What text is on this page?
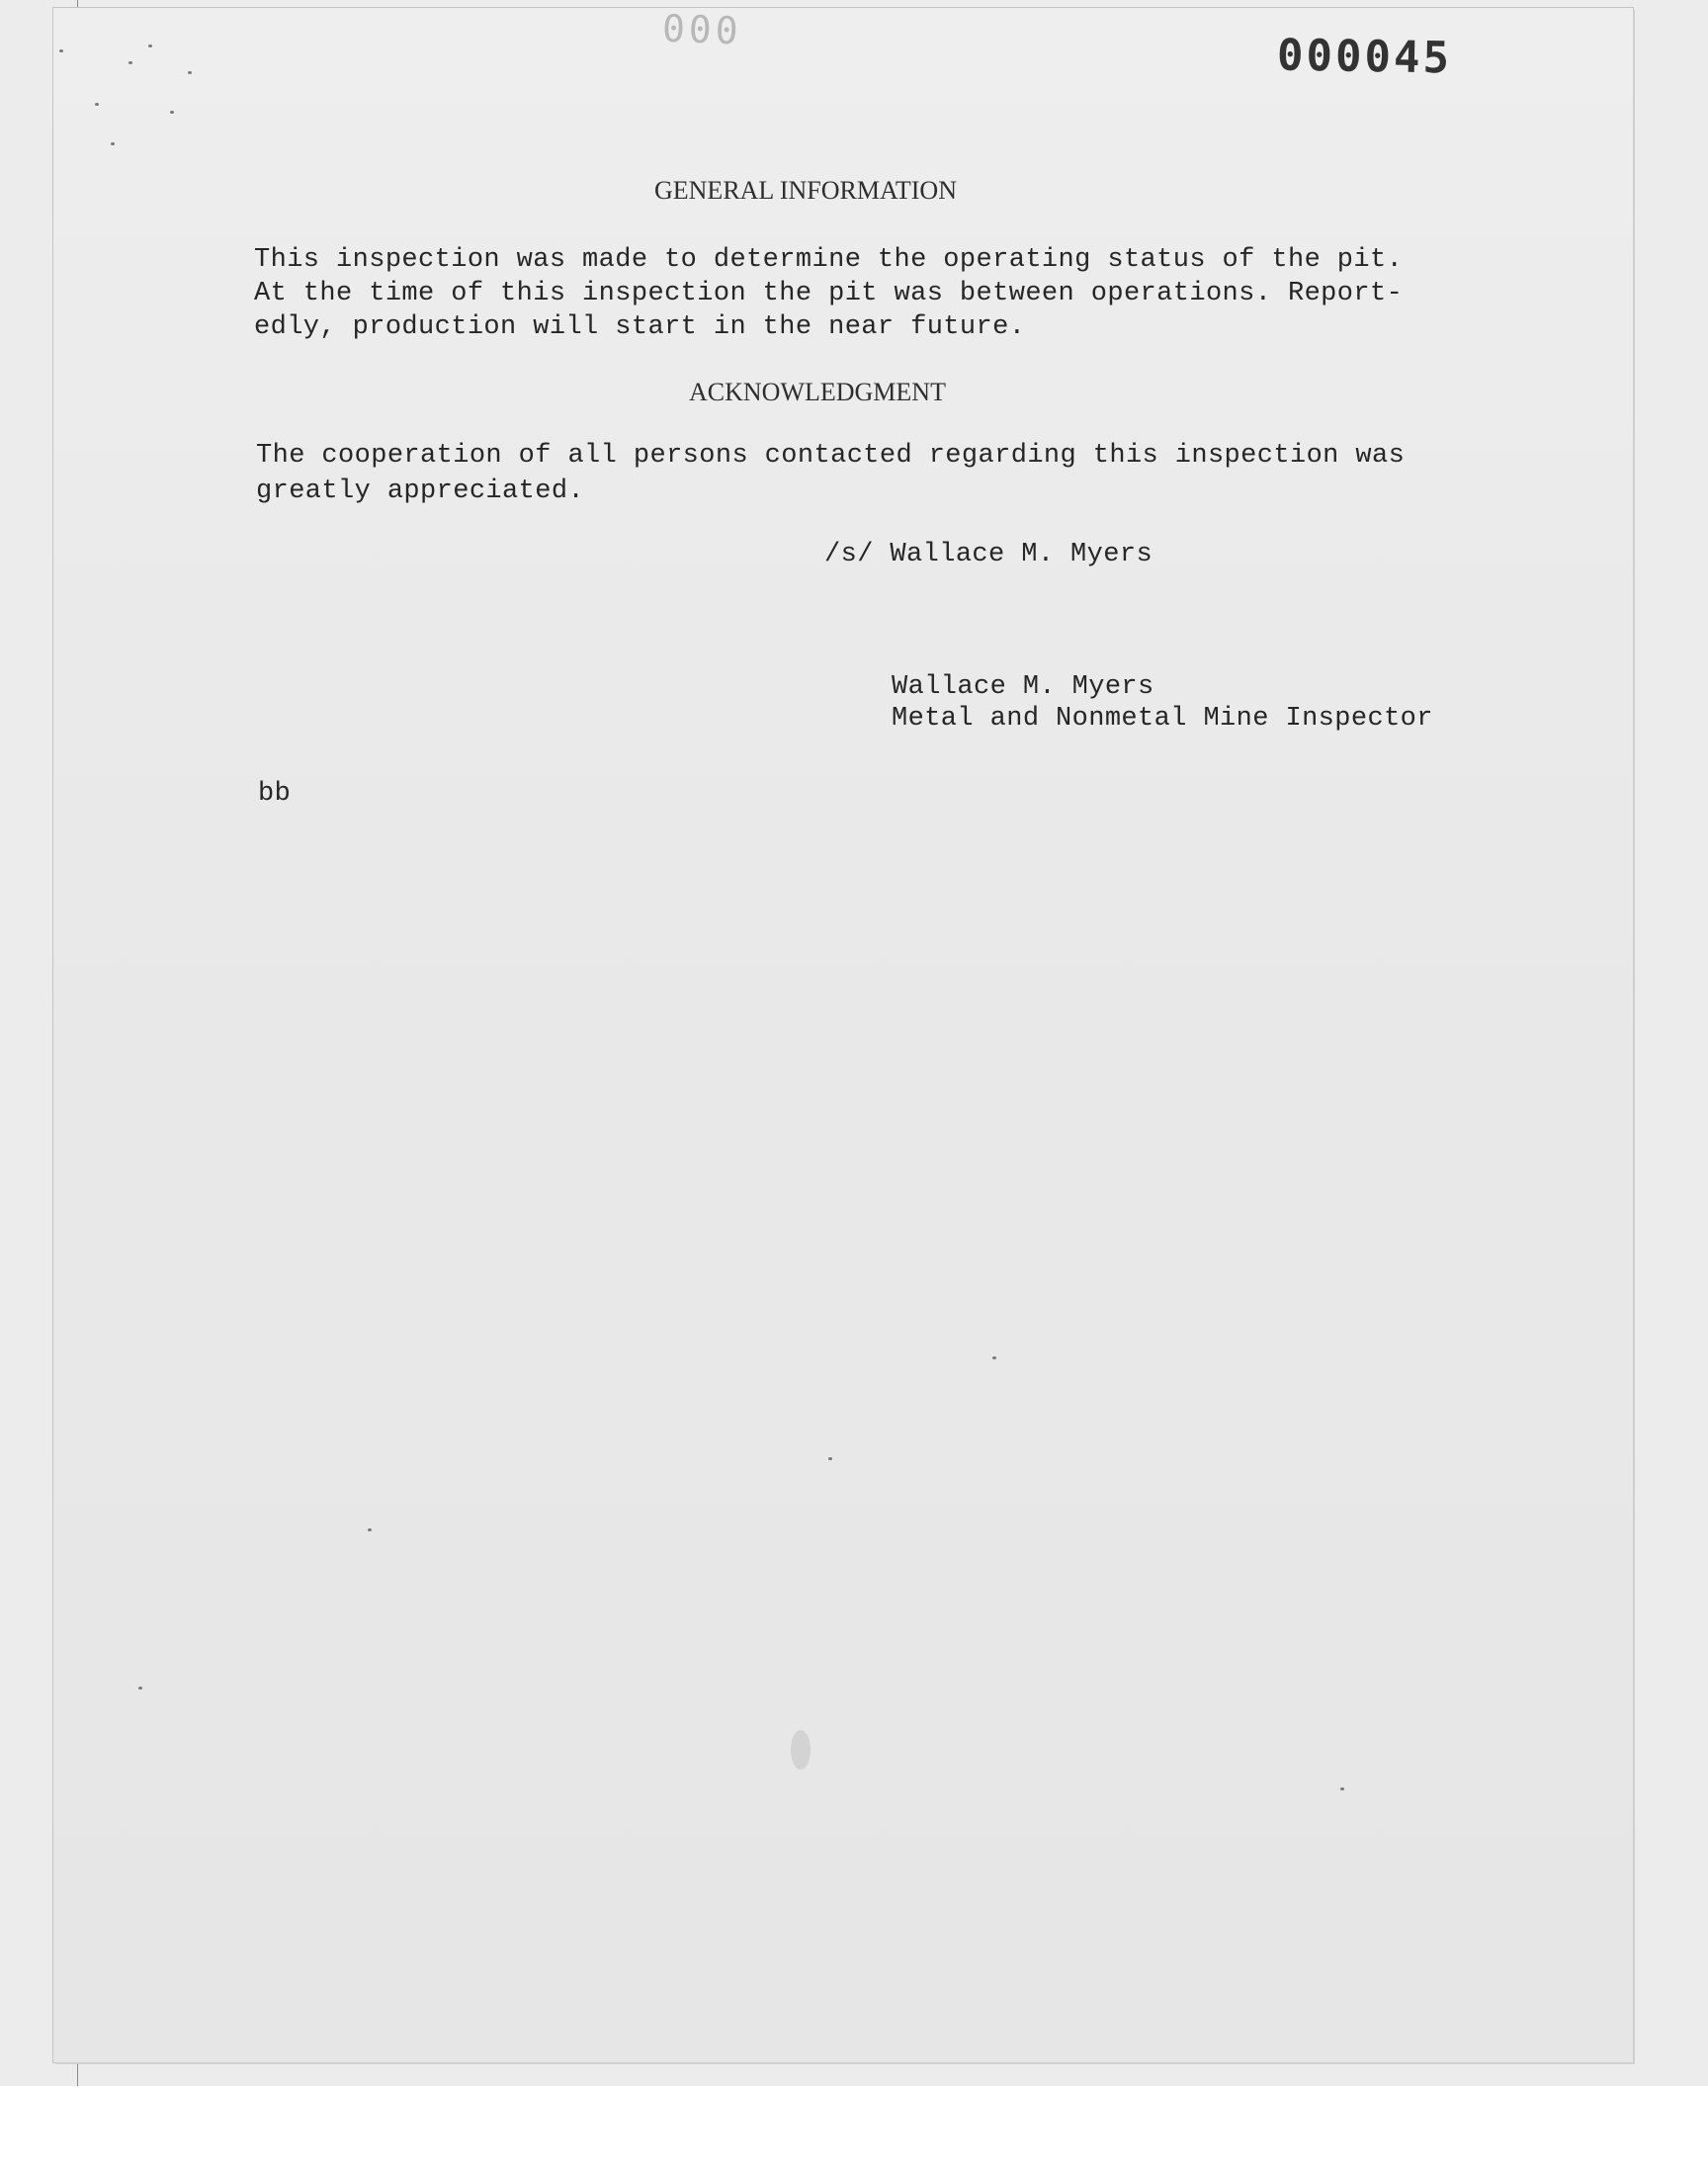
000
000045
GENERAL INFORMATION
This inspection was made to determine the operating status of the pit.
At the time of this inspection the pit was between operations. Report-
edly, production will start in the near future.
ACKNOWLEDGMENT
The cooperation of all persons contacted regarding this inspection was
greatly appreciated.
/s/ Wallace M. Myers
Wallace M. Myers
Metal and Nonmetal Mine Inspector
bb
